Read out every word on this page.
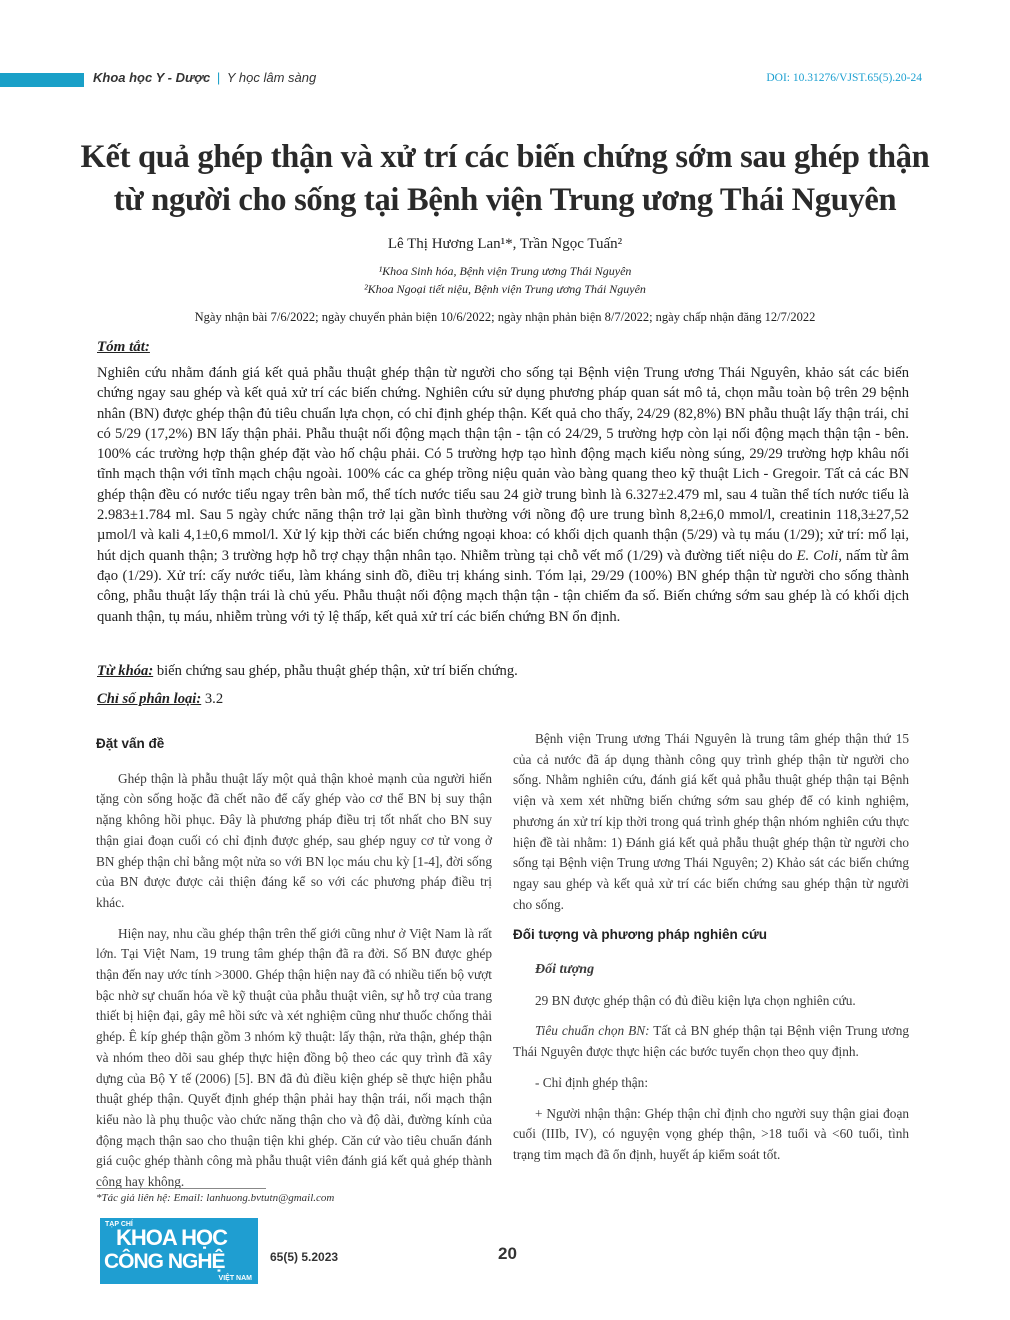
Khoa học Y - Dược | Y học lâm sàng	DOI: 10.31276/VJST.65(5).20-24
Kết quả ghép thận và xử trí các biến chứng sớm sau ghép thận
từ người cho sống tại Bệnh viện Trung ương Thái Nguyên
Lê Thị Hương Lan¹*, Trần Ngọc Tuấn²
¹Khoa Sinh hóa, Bệnh viện Trung ương Thái Nguyên
²Khoa Ngoại tiết niệu, Bệnh viện Trung ương Thái Nguyên
Ngày nhận bài 7/6/2022; ngày chuyển phản biện 10/6/2022; ngày nhận phản biện 8/7/2022; ngày chấp nhận đăng 12/7/2022
Tóm tắt:
Nghiên cứu nhằm đánh giá kết quả phẫu thuật ghép thận từ người cho sống tại Bệnh viện Trung ương Thái Nguyên, khảo sát các biến chứng ngay sau ghép và kết quả xử trí các biến chứng. Nghiên cứu sử dụng phương pháp quan sát mô tả, chọn mẫu toàn bộ trên 29 bệnh nhân (BN) được ghép thận đủ tiêu chuẩn lựa chọn, có chỉ định ghép thận. Kết quả cho thấy, 24/29 (82,8%) BN phẫu thuật lấy thận trái, chỉ có 5/29 (17,2%) BN lấy thận phải. Phẫu thuật nối động mạch thận tận - tận có 24/29, 5 trường hợp còn lại nối động mạch thận tận - bên. 100% các trường hợp thận ghép đặt vào hố chậu phải. Có 5 trường hợp tạo hình động mạch kiểu nòng súng, 29/29 trường hợp khâu nối tĩnh mạch thận với tĩnh mạch chậu ngoài. 100% các ca ghép trồng niệu quản vào bàng quang theo kỹ thuật Lich - Gregoir. Tất cả các BN ghép thận đều có nước tiểu ngay trên bàn mổ, thể tích nước tiểu sau 24 giờ trung bình là 6.327±2.479 ml, sau 4 tuần thể tích nước tiểu là 2.983±1.784 ml. Sau 5 ngày chức năng thận trở lại gần bình thường với nồng độ ure trung bình 8,2±6,0 mmol/l, creatinin 118,3±27,52 µmol/l và kali 4,1±0,6 mmol/l. Xử lý kịp thời các biến chứng ngoại khoa: có khối dịch quanh thận (5/29) và tụ máu (1/29); xử trí: mổ lại, hút dịch quanh thận; 3 trường hợp hỗ trợ chạy thận nhân tạo. Nhiễm trùng tại chỗ vết mổ (1/29) và đường tiết niệu do E. Coli, nấm từ âm đạo (1/29). Xử trí: cấy nước tiểu, làm kháng sinh đồ, điều trị kháng sinh. Tóm lại, 29/29 (100%) BN ghép thận từ người cho sống thành công, phẫu thuật lấy thận trái là chủ yếu. Phẫu thuật nối động mạch thận tận - tận chiếm đa số. Biến chứng sớm sau ghép là có khối dịch quanh thận, tụ máu, nhiễm trùng với tỷ lệ thấp, kết quả xử trí các biến chứng BN ổn định.
Từ khóa: biến chứng sau ghép, phẫu thuật ghép thận, xử trí biến chứng.
Chỉ số phân loại: 3.2
Đặt vấn đề

Ghép thận là phẫu thuật lấy một quả thận khoẻ mạnh của người hiến tặng còn sống hoặc đã chết não để cấy ghép vào cơ thể BN bị suy thận nặng không hồi phục. Đây là phương pháp điều trị tốt nhất cho BN suy thận giai đoạn cuối có chỉ định được ghép, sau ghép nguy cơ tử vong ở BN ghép thận chỉ bằng một nửa so với BN lọc máu chu kỳ [1-4], đời sống của BN được được cải thiện đáng kể so với các phương pháp điều trị khác.

Hiện nay, nhu cầu ghép thận trên thế giới cũng như ở Việt Nam là rất lớn. Tại Việt Nam, 19 trung tâm ghép thận đã ra đời. Số BN được ghép thận đến nay ước tính >3000. Ghép thận hiện nay đã có nhiều tiến bộ vượt bậc nhờ sự chuẩn hóa về kỹ thuật của phẫu thuật viên, sự hỗ trợ của trang thiết bị hiện đại, gây mê hồi sức và xét nghiệm cũng như thuốc chống thải ghép. Ê kíp ghép thận gồm 3 nhóm kỹ thuật: lấy thận, rửa thận, ghép thận và nhóm theo dõi sau ghép thực hiện đồng bộ theo các quy trình đã xây dựng của Bộ Y tế (2006) [5]. BN đã đủ điều kiện ghép sẽ thực hiện phẫu thuật ghép thận. Quyết định ghép thận phải hay thận trái, nối mạch thận kiểu nào là phụ thuộc vào chức năng thận cho và độ dài, đường kính của động mạch thận sao cho thuận tiện khi ghép. Căn cứ vào tiêu chuẩn đánh giá cuộc ghép thành công mà phẫu thuật viên đánh giá kết quả ghép thành công hay không.

Bệnh viện Trung ương Thái Nguyên là trung tâm ghép thận thứ 15 của cả nước đã áp dụng thành công quy trình ghép thận từ người cho sống. Nhằm nghiên cứu, đánh giá kết quả phẫu thuật ghép thận tại Bệnh viện và xem xét những biến chứng sớm sau ghép để có kinh nghiệm, phương án xử trí kịp thời trong quá trình ghép thận nhóm nghiên cứu thực hiện đề tài nhằm: 1) Đánh giá kết quả phẫu thuật ghép thận từ người cho sống tại Bệnh viện Trung ương Thái Nguyên; 2) Khảo sát các biến chứng ngay sau ghép và kết quả xử trí các biến chứng sau ghép thận từ người cho sống.

Đối tượng và phương pháp nghiên cứu
Đối tượng

29 BN được ghép thận có đủ điều kiện lựa chọn nghiên cứu.

Tiêu chuẩn chọn BN: Tất cả BN ghép thận tại Bệnh viện Trung ương Thái Nguyên được thực hiện các bước tuyển chọn theo quy định.

- Chỉ định ghép thận:

+ Người nhận thận: Ghép thận chỉ định cho người suy thận giai đoạn cuối (IIIb, IV), có nguyện vọng ghép thận, >18 tuổi và <60 tuổi, tình trạng tim mạch đã ổn định, huyết áp kiểm soát tốt.

*Tác giả liên hệ: Email: lanhuong.bvtutn@gmail.com
TẠP CHÍ
KHOA HỌC
CÔNG NGHỆ
VIỆT NAM
65(5) 5.2023	20
